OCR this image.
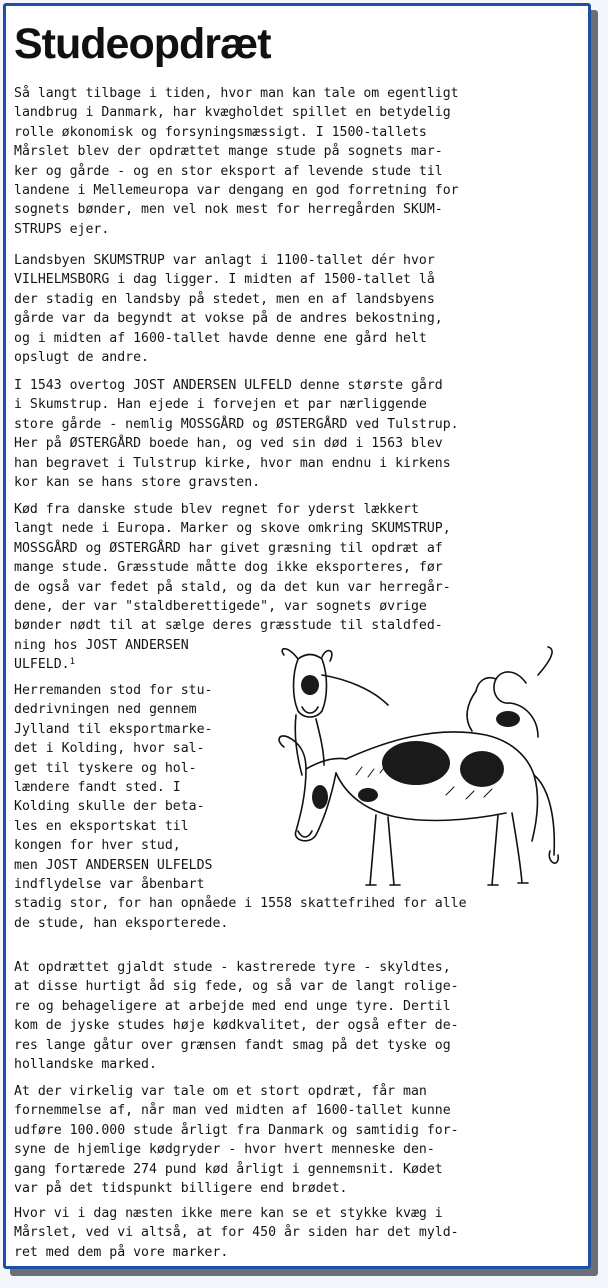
Studeopdræt
Så langt tilbage i tiden, hvor man kan tale om egentligt
landbrug i Danmark, har kvægholdet spillet en betydelig
rolle økonomisk og forsyningsmæssigt. I 1500-tallets
Mårslet blev der opdrættet mange stude på sognets mar-
ker og gårde - og en stor eksport af levende stude til
landene i Mellemeuropa var dengang en god forretning for
sognets bønder, men vel nok mest for herregården SKUM-
STRUPS ejer.
Landsbyen SKUMSTRUP var anlagt i 1100-tallet dér hvor
VILHELMSBORG i dag ligger. I midten af 1500-tallet lå
der stadig en landsby på stedet, men en af landsbyens
gårde var da begyndt at vokse på de andres bekostning,
og i midten af 1600-tallet havde denne ene gård helt
opslugt de andre.
I 1543 overtog JOST ANDERSEN ULFELD denne største gård
i Skumstrup. Han ejede i forvejen et par nærliggende
store gårde - nemlig MOSSGÅRD og ØSTERGÅRD ved Tulstrup.
Her på ØSTERGÅRD boede han, og ved sin død i 1563 blev
han begravet i Tulstrup kirke, hvor man endnu i kirkens
kor kan se hans store gravsten.
Kød fra danske stude blev regnet for yderst lækkert
langt nede i Europa. Marker og skove omkring SKUMSTRUP,
MOSSGÅRD og ØSTERGÅRD har givet græsning til opdræt af
mange stude. Græsstude måtte dog ikke eksporteres, før
de også var fedet på stald, og da det kun var herregår-
dene, der var "staldberettigede", var sognets øvrige
bønder nødt til at sælge deres græsstude til staldfed-
ning hos JOST ANDERSEN
ULFELD.$^1$
Herremanden stod for stu-
dedrivningen ned gennem
Jylland til eksportmarke-
det i Kolding, hvor sal-
get til tyskere og hol-
lændere fandt sted. I
Kolding skulle der beta-
les en eksportskat til
kongen for hver stud,
men JOST ANDERSEN ULFELDS
indflydelse var åbenbart
stadig stor, for han opnåede i 1558 skattefrihed for alle
de stude, han eksporterede.
At opdrættet gjaldt stude - kastrerede tyre - skyldtes,
at disse hurtigt åd sig fede, og så var de langt rolige-
re og behageligere at arbejde med end unge tyre. Dertil
kom de jyske studes høje kødkvalitet, der også efter de-
res lange gåtur over grænsen fandt smag på det tyske og
hollandske marked.
At der virkelig var tale om et stort opdræt, får man
fornemmelse af, når man ved midten af 1600-tallet kunne
udføre 100.000 stude årligt fra Danmark og samtidig for-
syne de hjemlige kødgryder - hvor hvert menneske den-
gang fortærede 274 pund kød årligt i gennemsnit. Kødet
var på det tidspunkt billigere end brødet.
Hvor vi i dag næsten ikke mere kan se et stykke kvæg i
Mårslet, ved vi altså, at for 450 år siden har det myld-
ret med dem på vore marker.
